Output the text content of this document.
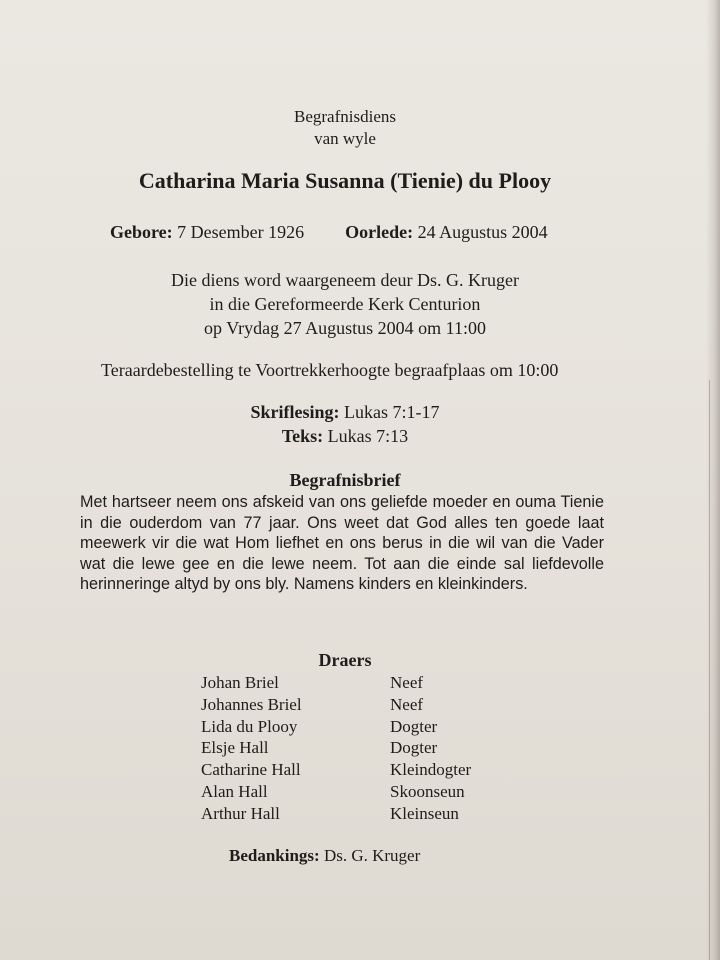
Begrafnisdiens
van wyle
Catharina Maria Susanna (Tienie) du Plooy
Gebore: 7 Desember 1926 Oorlede: 24 Augustus 2004
Die diens word waargeneem deur Ds. G. Kruger
in die Gereformeerde Kerk Centurion
op Vrydag 27 Augustus 2004 om 11:00
Teraardebestelling te Voortrekkerhoogte begraafplaas om 10:00
Skriflesing: Lukas 7:1-17
Teks: Lukas 7:13
Begrafnisbrief
Met hartseer neem ons afskeid van ons geliefde moeder en ouma Tienie in die ouderdom van 77 jaar. Ons weet dat God alles ten goede laat meewerk vir die wat Hom liefhet en ons berus in die wil van die Vader wat die lewe gee en die lewe neem. Tot aan die einde sal liefdevolle herinneringe altyd by ons bly. Namens kinders en kleinkinders.
Draers
Johan Briel	Neef
Johannes Briel	Neef
Lida du Plooy	Dogter
Elsje Hall	Dogter
Catharine Hall	Kleindogter
Alan Hall	Skoonseun
Arthur Hall	Kleinseun
Bedankings: Ds. G. Kruger
